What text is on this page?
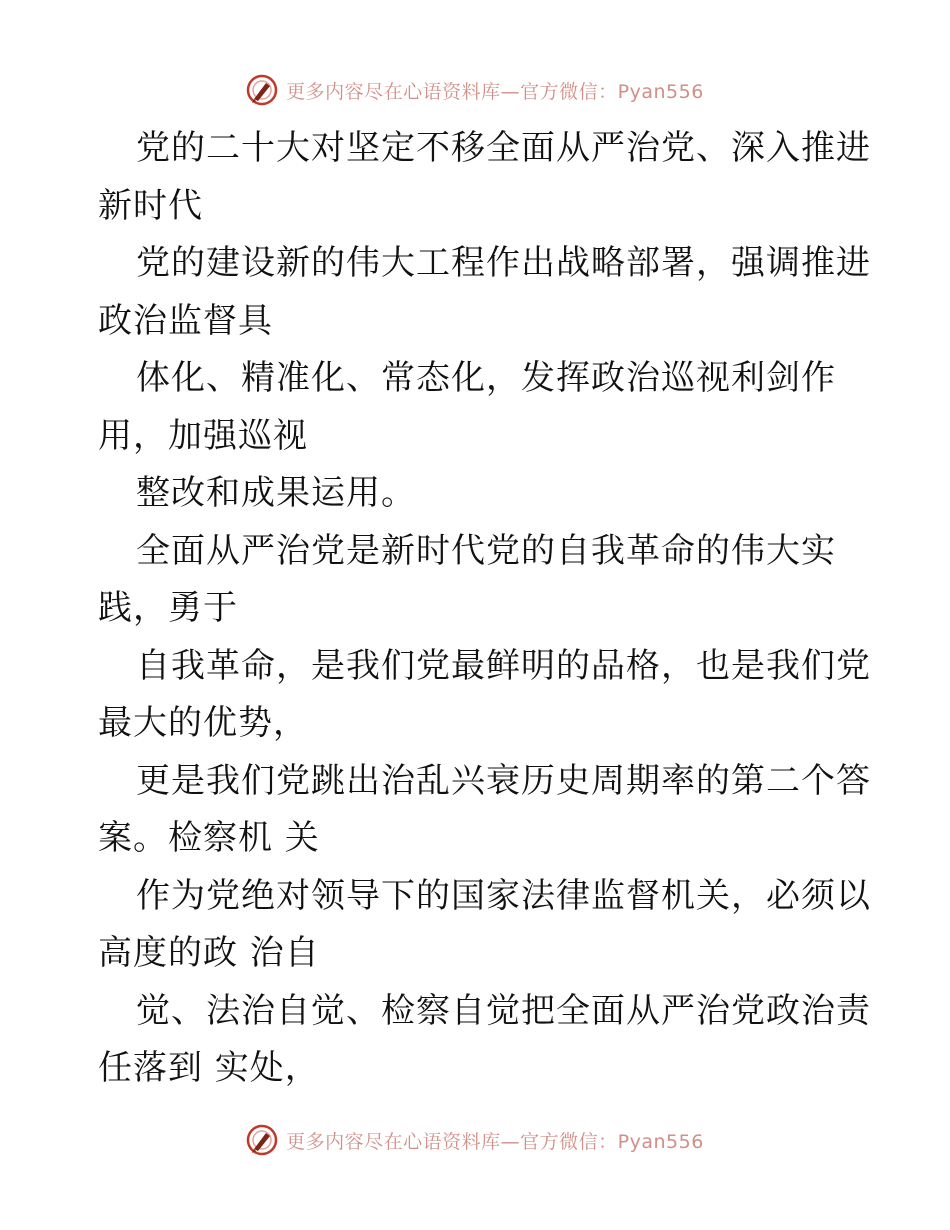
更多内容尽在心语资料库—官方微信：Pyan556
党的二十大对坚定不移全面从严治党、深入推进
新时代
党的建设新的伟大工程作出战略部署，强调推进
政治监督具
体化、精准化、常态化，发挥政治巡视利剑作
用，加强巡视
整改和成果运用。
全面从严治党是新时代党的自我革命的伟大实
践，勇于
自我革命，是我们党最鲜明的品格，也是我们党
最大的优势，
更是我们党跳出治乱兴衰历史周期率的第二个答
案。检察机 关
作为党绝对领导下的国家法律监督机关，必须以
高度的政 治自
觉、法治自觉、检察自觉把全面从严治党政治责
任落到 实处，
更多内容尽在心语资料库—官方微信：Pyan556
